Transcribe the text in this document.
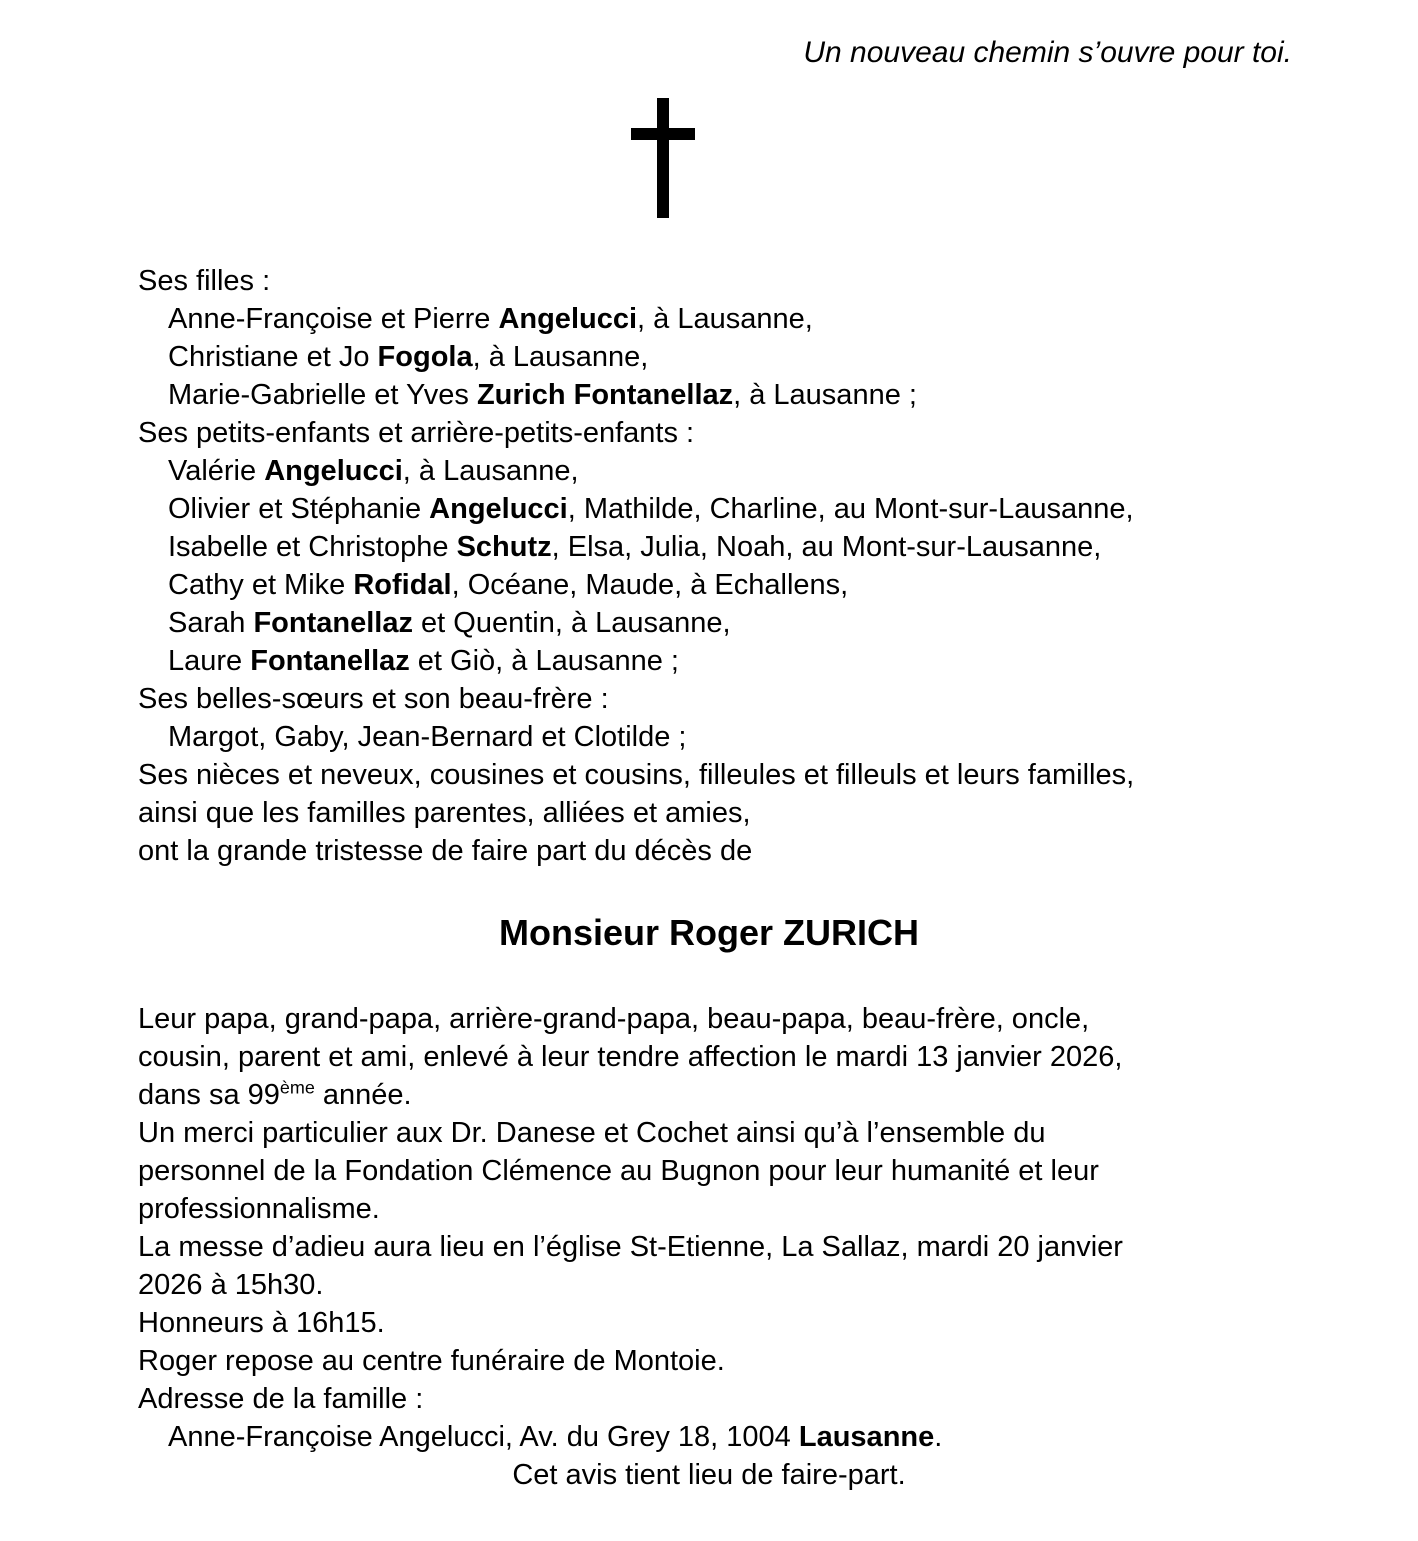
Un nouveau chemin s’ouvre pour toi.
Ses filles :
Anne-Françoise et Pierre Angelucci, à Lausanne,
Christiane et Jo Fogola, à Lausanne,
Marie-Gabrielle et Yves Zurich Fontanellaz, à Lausanne ;
Ses petits-enfants et arrière-petits-enfants :
Valérie Angelucci, à Lausanne,
Olivier et Stéphanie Angelucci, Mathilde, Charline, au Mont-sur-Lausanne,
Isabelle et Christophe Schutz, Elsa, Julia, Noah, au Mont-sur-Lausanne,
Cathy et Mike Rofidal, Océane, Maude, à Echallens,
Sarah Fontanellaz et Quentin, à Lausanne,
Laure Fontanellaz et Giò, à Lausanne ;
Ses belles-sœurs et son beau-frère :
Margot, Gaby, Jean-Bernard et Clotilde ;
Ses nièces et neveux, cousines et cousins, filleules et filleuls et leurs familles,
ainsi que les familles parentes, alliées et amies,
ont la grande tristesse de faire part du décès de
Monsieur Roger ZURICH
Leur papa, grand-papa, arrière-grand-papa, beau-papa, beau-frère, oncle,
cousin, parent et ami, enlevé à leur tendre affection le mardi 13 janvier 2026,
dans sa 99ème année.
Un merci particulier aux Dr. Danese et Cochet ainsi qu’à l’ensemble du
personnel de la Fondation Clémence au Bugnon pour leur humanité et leur
professionnalisme.
La messe d’adieu aura lieu en l’église St-Etienne, La Sallaz, mardi 20 janvier
2026 à 15h30.
Honneurs à 16h15.
Roger repose au centre funéraire de Montoie.
Adresse de la famille :
Anne-Françoise Angelucci, Av. du Grey 18, 1004 Lausanne.
Cet avis tient lieu de faire-part.
